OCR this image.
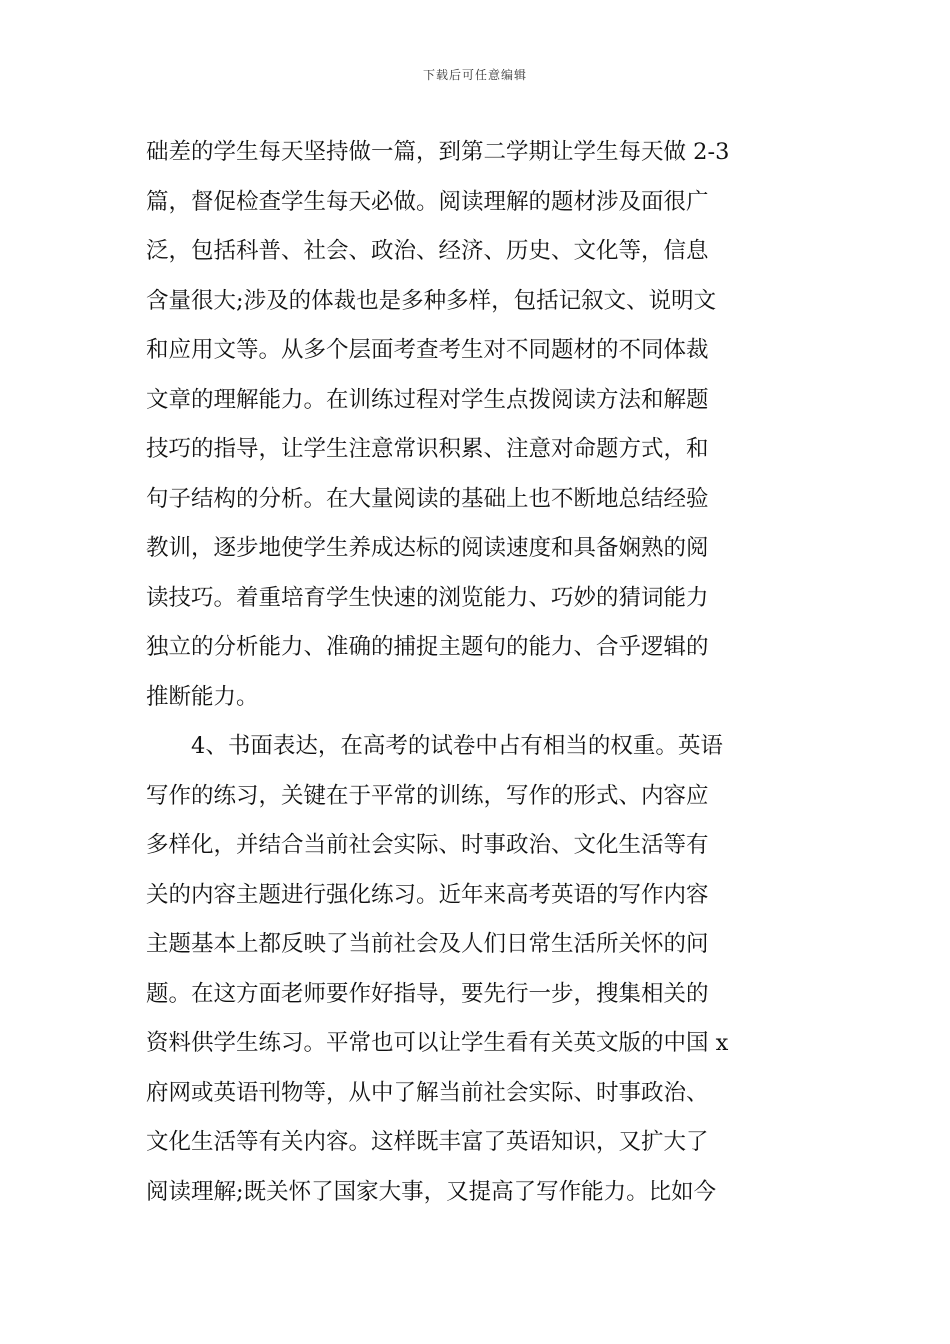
下载后可任意编辑
础差的学生每天坚持做一篇，到第二学期让学生每天做 2-3
篇，督促检查学生每天必做。阅读理解的题材涉及面很广
泛，包括科普、社会、政治、经济、历史、文化等，信息
含量很大;涉及的体裁也是多种多样，包括记叙文、说明文
和应用文等。从多个层面考查考生对不同题材的不同体裁
文章的理解能力。在训练过程对学生点拨阅读方法和解题
技巧的指导，让学生注意常识积累、注意对命题方式，和
句子结构的分析。在大量阅读的基础上也不断地总结经验
教训，逐步地使学生养成达标的阅读速度和具备娴熟的阅
读技巧。着重培育学生快速的浏览能力、巧妙的猜词能力
独立的分析能力、准确的捕捉主题句的能力、合乎逻辑的
推断能力。
4、书面表达，在高考的试卷中占有相当的权重。英语
写作的练习，关键在于平常的训练，写作的形式、内容应
多样化，并结合当前社会实际、时事政治、文化生活等有
关的内容主题进行强化练习。近年来高考英语的写作内容
主题基本上都反映了当前社会及人们日常生活所关怀的问
题。在这方面老师要作好指导，要先行一步，搜集相关的
资料供学生练习。平常也可以让学生看有关英文版的中国 x
府网或英语刊物等，从中了解当前社会实际、时事政治、
文化生活等有关内容。这样既丰富了英语知识，又扩大了
阅读理解;既关怀了国家大事，又提高了写作能力。比如今
